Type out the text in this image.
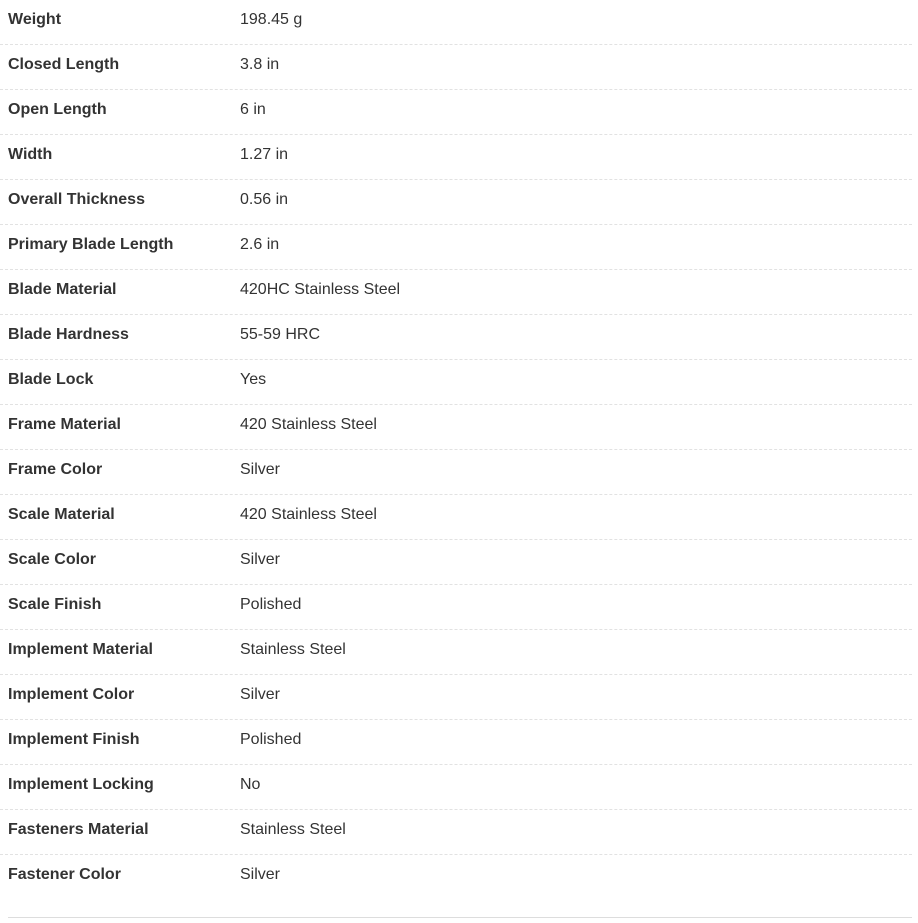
Weight	198.45 g
Closed Length	3.8 in
Open Length	6 in
Width	1.27 in
Overall Thickness	0.56 in
Primary Blade Length	2.6 in
Blade Material	420HC Stainless Steel
Blade Hardness	55-59 HRC
Blade Lock	Yes
Frame Material	420 Stainless Steel
Frame Color	Silver
Scale Material	420 Stainless Steel
Scale Color	Silver
Scale Finish	Polished
Implement Material	Stainless Steel
Implement Color	Silver
Implement Finish	Polished
Implement Locking	No
Fasteners Material	Stainless Steel
Fastener Color	Silver
